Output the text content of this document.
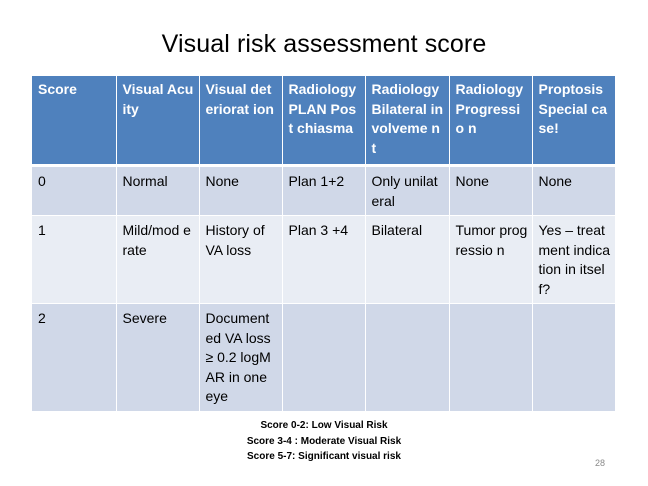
Visual risk assessment score
Score	Visual Acuity	Visual deteriorat ion	Radiology PLAN Post chiasma	Radiology Bilateral involveme nt	Radiology Progressio n	Proptosis Special case!
0	Normal	None	Plan 1+2	Only unilateral	None	None
1	Mild/mod erate	History of VA loss	Plan 3 +4	Bilateral	Tumor progressio n	Yes – treatment indication in itself?
2	Severe	Document ed VA loss ≥ 0.2 logMAR in one eye				
Score 0-2: Low Visual Risk
Score 3-4 : Moderate Visual Risk
Score 5-7: Significant visual risk
28
